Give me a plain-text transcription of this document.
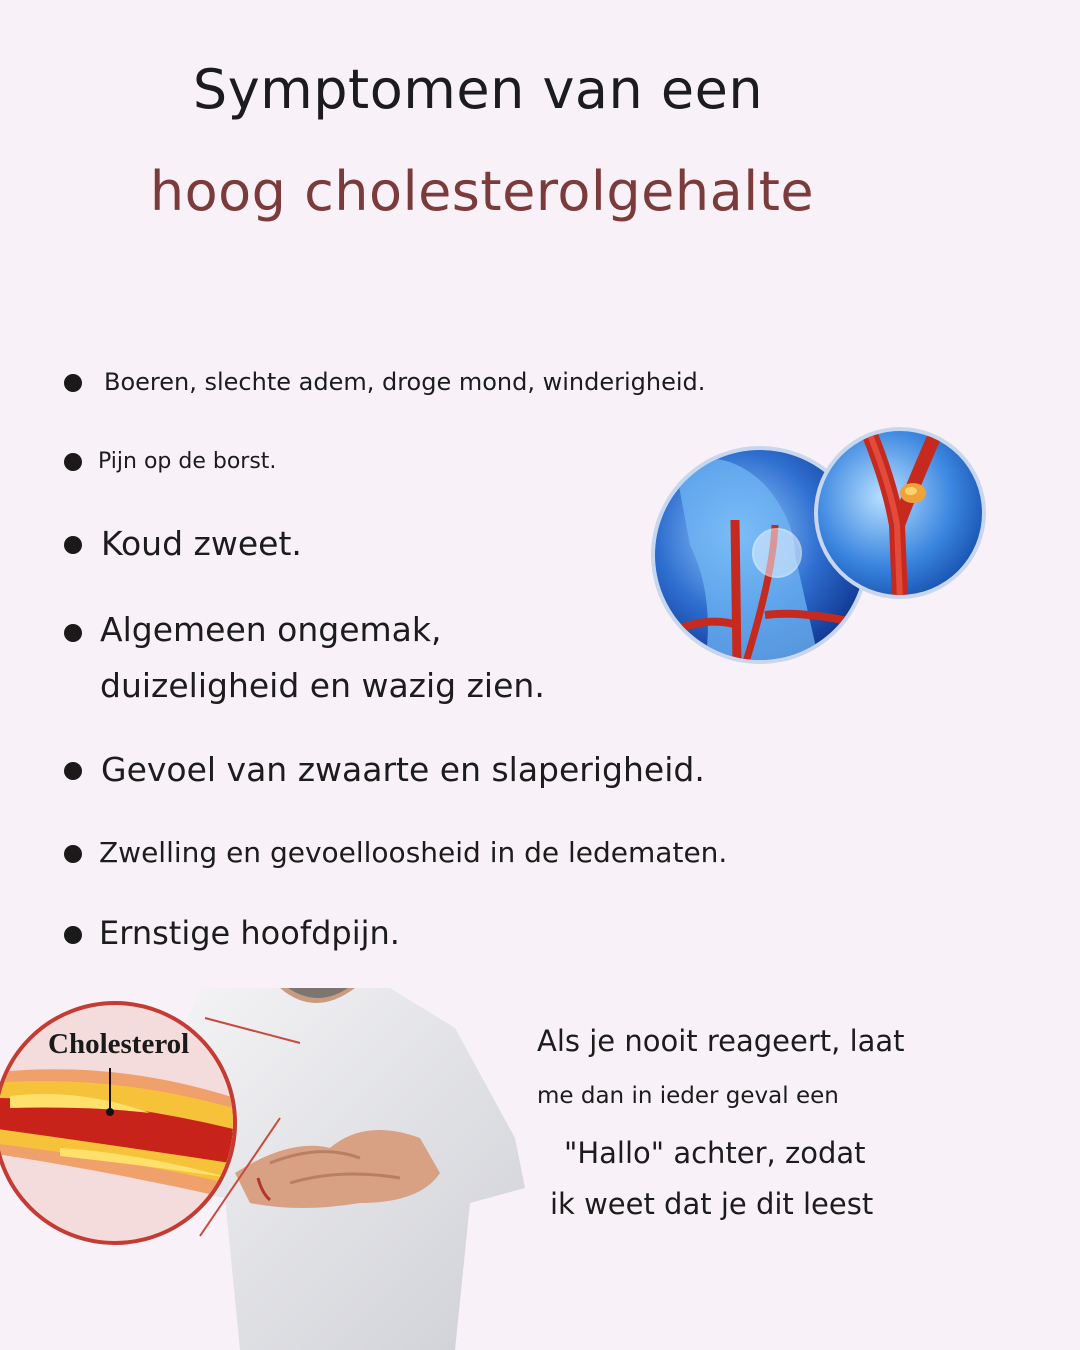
Symptomen van een
hoog cholesterolgehalte
Boeren, slechte adem, droge mond, winderigheid.
Pijn op de borst.
Koud zweet.
Algemeen ongemak,
duizeligheid en wazig zien.
Gevoel van zwaarte en slaperigheid.
Zwelling en gevoelloosheid in de ledematen.
Ernstige hoofdpijn.
Cholesterol	Als je nooit reageert, laat
me dan in ieder geval een
"Hallo" achter, zodat
ik weet dat je dit leest
